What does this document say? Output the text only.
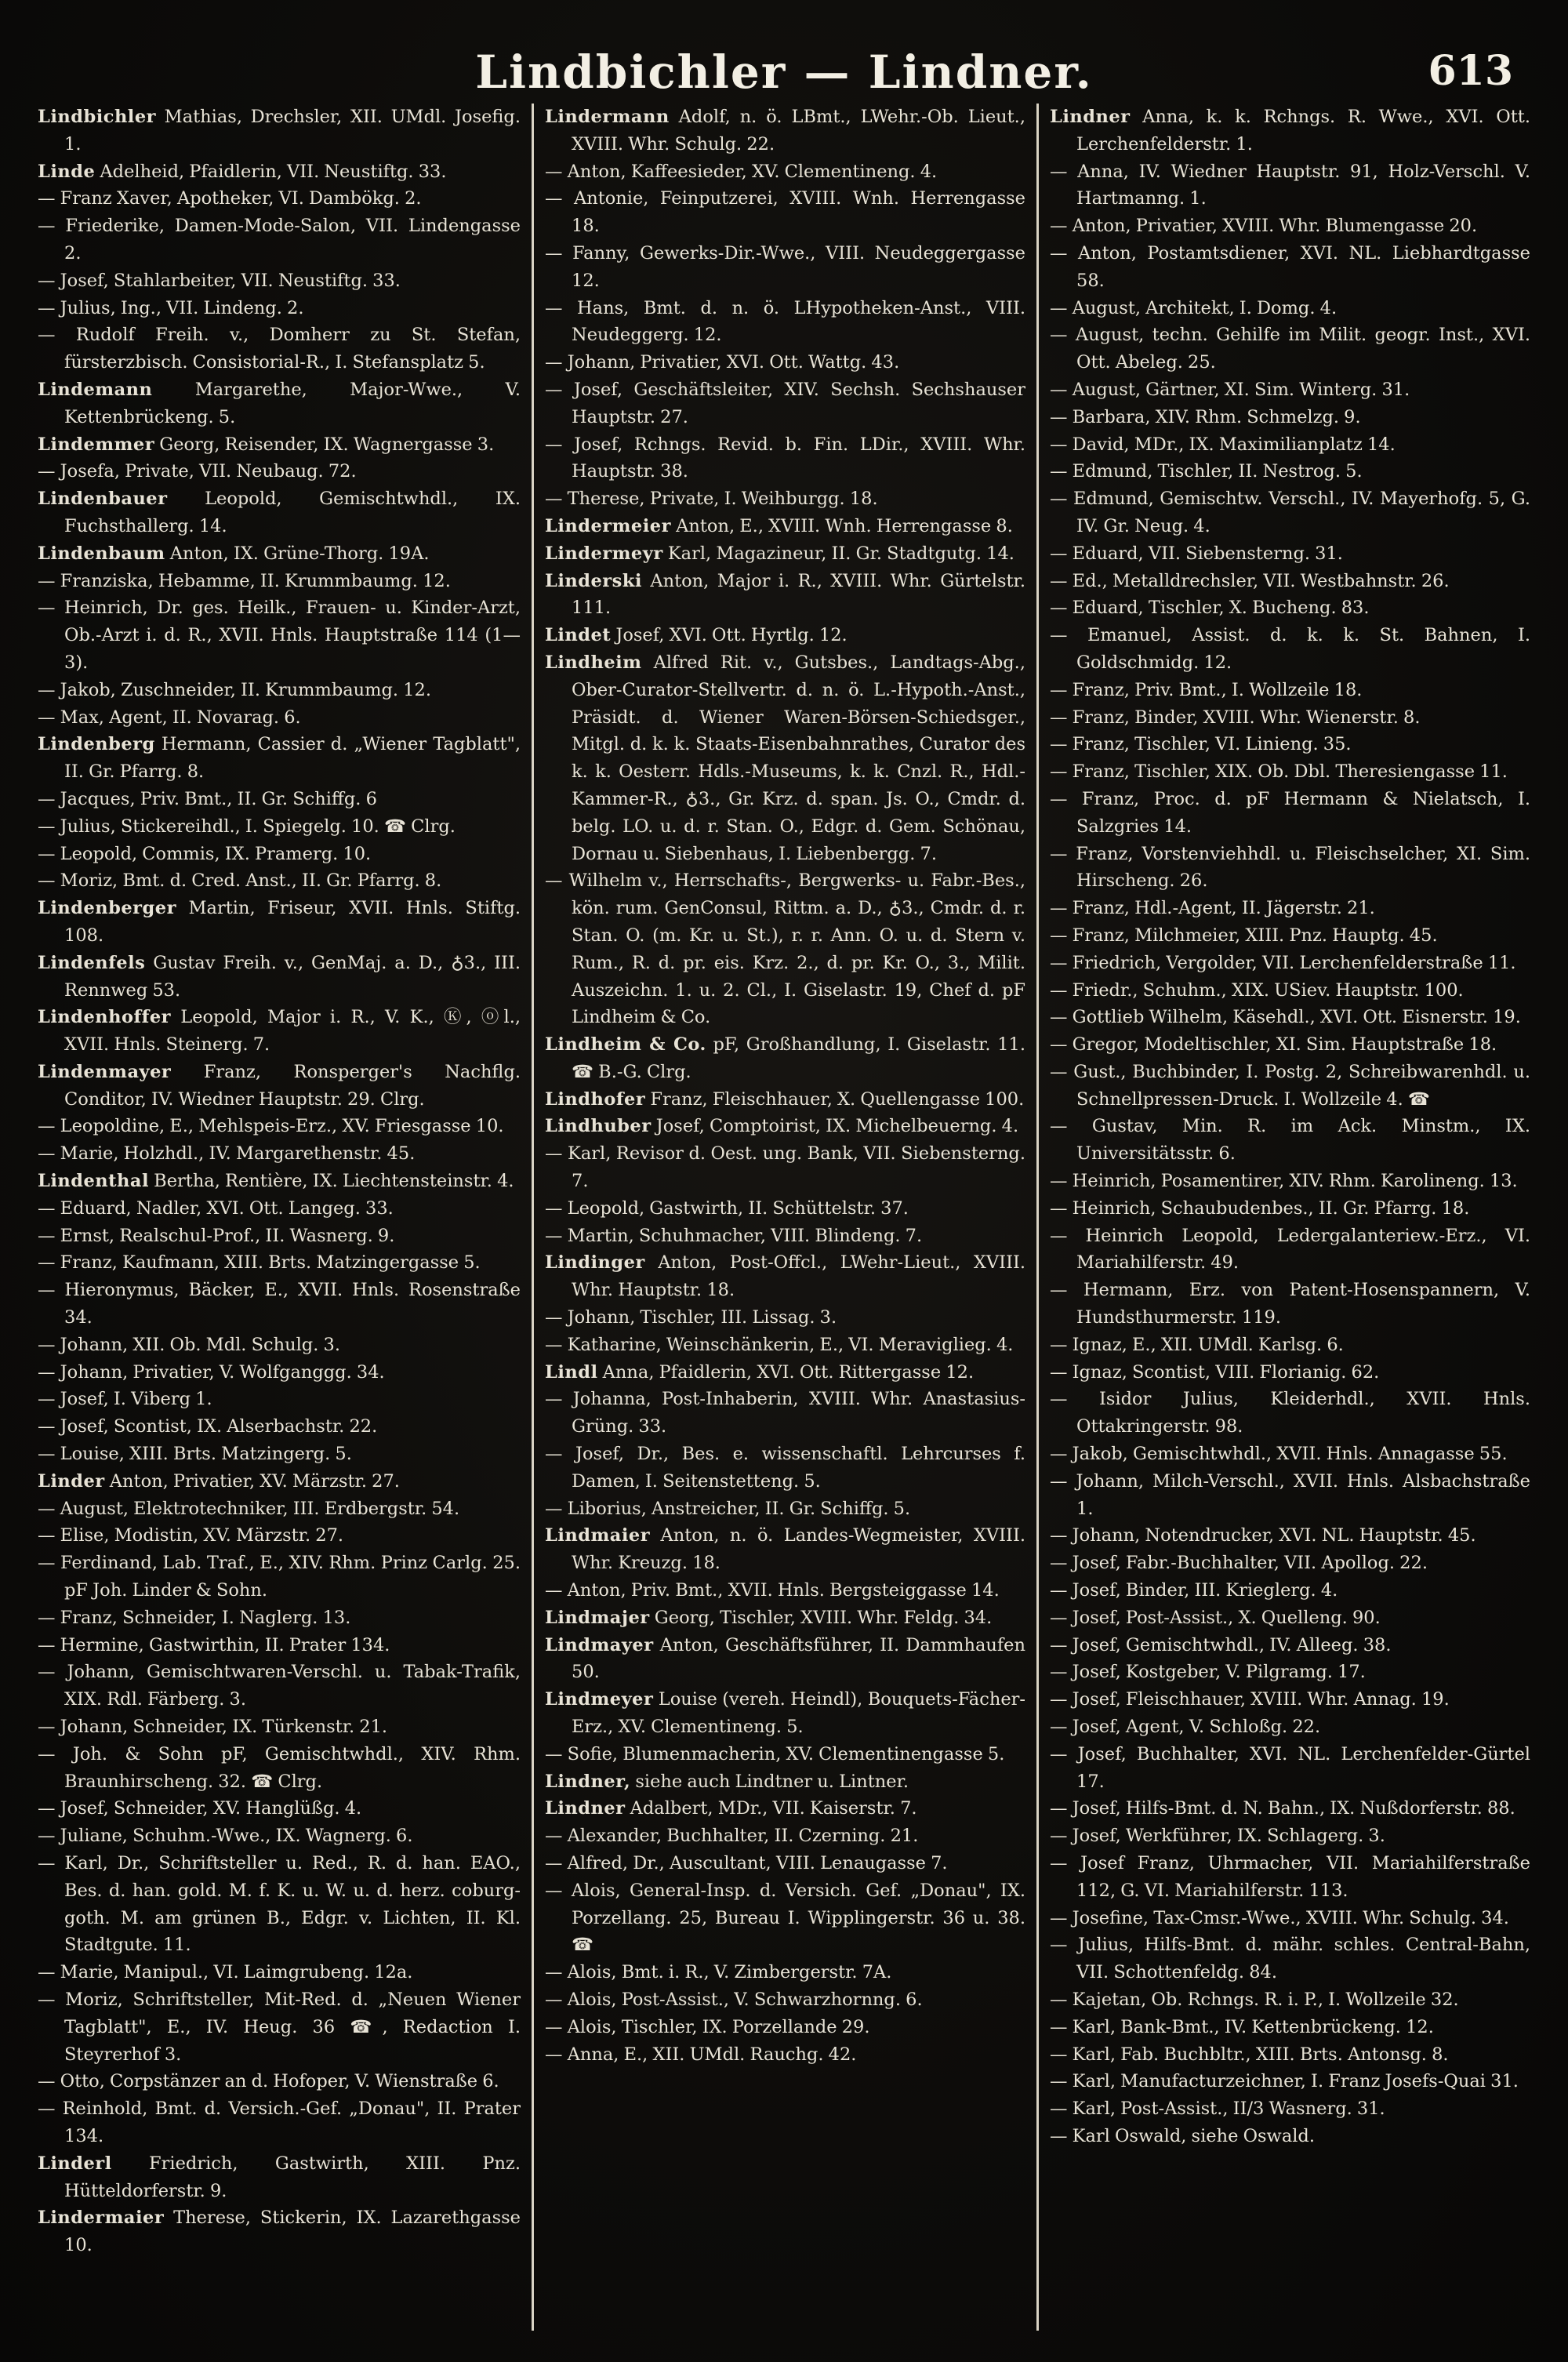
Lindbichler — Lindner.	613

Lindbichler Mathias, Drechsler, XII. UMdl. Josefig. 1.

Linde Adelheid, Pfaidlerin, VII. Neustiftg. 33.

— Franz Xaver, Apotheker, VI. Dambökg. 2.

— Friederike, Damen-Mode-Salon, VII. Lindengasse 2.

— Josef, Stahlarbeiter, VII. Neustiftg. 33.

— Julius, Ing., VII. Lindeng. 2.

— Rudolf Freih. v., Domherr zu St. Stefan, fürsterzbisch. Consistorial-R., I. Stefansplatz 5.

Lindemann Margarethe, Major-Wwe., V. Kettenbrückeng. 5.

Lindemmer Georg, Reisender, IX. Wagnergasse 3.

— Josefa, Private, VII. Neubaug. 72.

Lindenbauer Leopold, Gemischtwhdl., IX. Fuchsthallerg. 14.

Lindenbaum Anton, IX. Grüne-Thorg. 19A.

— Franziska, Hebamme, II. Krummbaumg. 12.

— Heinrich, Dr. ges. Heilk., Frauen- u. Kinder-Arzt, Ob.-Arzt i. d. R., XVII. Hnls. Hauptstraße 114 (1—3).

— Jakob, Zuschneider, II. Krummbaumg. 12.

— Max, Agent, II. Novarag. 6.

Lindenberg Hermann, Cassier d. „Wiener Tagblatt", II. Gr. Pfarrg. 8.

— Jacques, Priv. Bmt., II. Gr. Schiffg. 6

— Julius, Stickereihdl., I. Spiegelg. 10. ☎ Clrg.

— Leopold, Commis, IX. Pramerg. 10.

— Moriz, Bmt. d. Cred. Anst., II. Gr. Pfarrg. 8.

Lindenberger Martin, Friseur, XVII. Hnls. Stiftg. 108.

Lindenfels Gustav Freih. v., GenMaj. a. D., ♁3., III. Rennweg 53.

Lindenhoffer Leopold, Major i. R., V. K., Ⓚ, ⓞl., XVII. Hnls. Steinerg. 7.

Lindenmayer Franz, Ronsperger's Nachflg. Conditor, IV. Wiedner Hauptstr. 29. Clrg.

— Leopoldine, E., Mehlspeis-Erz., XV. Friesgasse 10.

— Marie, Holzhdl., IV. Margarethenstr. 45.

Lindenthal Bertha, Rentière, IX. Liechtensteinstr. 4.

— Eduard, Nadler, XVI. Ott. Langeg. 33.

— Ernst, Realschul-Prof., II. Wasnerg. 9.

— Franz, Kaufmann, XIII. Brts. Matzingergasse 5.

— Hieronymus, Bäcker, E., XVII. Hnls. Rosenstraße 34.

— Johann, XII. Ob. Mdl. Schulg. 3.

— Johann, Privatier, V. Wolfganggg. 34.

— Josef, I. Viberg 1.

— Josef, Scontist, IX. Alserbachstr. 22.

— Louise, XIII. Brts. Matzingerg. 5.

Linder Anton, Privatier, XV. Märzstr. 27.

— August, Elektrotechniker, III. Erdbergstr. 54.

— Elise, Modistin, XV. Märzstr. 27.

— Ferdinand, Lab. Traf., E., XIV. Rhm. Prinz Carlg. 25. pF Joh. Linder & Sohn.

— Franz, Schneider, I. Naglerg. 13.

— Hermine, Gastwirthin, II. Prater 134.

— Johann, Gemischtwaren-Verschl. u. Tabak-Trafik, XIX. Rdl. Färberg. 3.

— Johann, Schneider, IX. Türkenstr. 21.

— Joh. & Sohn pF, Gemischtwhdl., XIV. Rhm. Braunhirscheng. 32. ☎ Clrg.

— Josef, Schneider, XV. Hanglüßg. 4.

— Juliane, Schuhm.-Wwe., IX. Wagnerg. 6.

— Karl, Dr., Schriftsteller u. Red., R. d. han. EAO., Bes. d. han. gold. M. f. K. u. W. u. d. herz. coburg-goth. M. am grünen B., Edgr. v. Lichten, II. Kl. Stadtgute. 11.

— Marie, Manipul., VI. Laimgrubeng. 12a.

— Moriz, Schriftsteller, Mit-Red. d. „Neuen Wiener Tagblatt", E., IV. Heug. 36 ☎, Redaction I. Steyrerhof 3.

— Otto, Corpstänzer an d. Hofoper, V. Wienstraße 6.

— Reinhold, Bmt. d. Versich.-Gef. „Donau", II. Prater 134.

Linderl Friedrich, Gastwirth, XIII. Pnz. Hütteldorferstr. 9.

Lindermaier Therese, Stickerin, IX. Lazarethgasse 10.

Lindermann Adolf, n. ö. LBmt., LWehr.-Ob. Lieut., XVIII. Whr. Schulg. 22.

— Anton, Kaffeesieder, XV. Clementineng. 4.

— Antonie, Feinputzerei, XVIII. Wnh. Herrengasse 18.

— Fanny, Gewerks-Dir.-Wwe., VIII. Neudeggergasse 12.

— Hans, Bmt. d. n. ö. LHypotheken-Anst., VIII. Neudeggerg. 12.

— Johann, Privatier, XVI. Ott. Wattg. 43.

— Josef, Geschäftsleiter, XIV. Sechsh. Sechshauser Hauptstr. 27.

— Josef, Rchngs. Revid. b. Fin. LDir., XVIII. Whr. Hauptstr. 38.

— Therese, Private, I. Weihburgg. 18.

Lindermeier Anton, E., XVIII. Wnh. Herrengasse 8.

Lindermeyr Karl, Magazineur, II. Gr. Stadtgutg. 14.

Linderski Anton, Major i. R., XVIII. Whr. Gürtelstr. 111.

Lindet Josef, XVI. Ott. Hyrtlg. 12.

Lindheim Alfred Rit. v., Gutsbes., Landtags-Abg., Ober-Curator-Stellvertr. d. n. ö. L.-Hypoth.-Anst., Präsidt. d. Wiener Waren-Börsen-Schiedsger., Mitgl. d. k. k. Staats-Eisenbahnrathes, Curator des k. k. Oesterr. Hdls.-Museums, k. k. Cnzl. R., Hdl.-Kammer-R., ♁3., Gr. Krz. d. span. Js. O., Cmdr. d. belg. LO. u. d. r. Stan. O., Edgr. d. Gem. Schönau, Dornau u. Siebenhaus, I. Liebenbergg. 7.

— Wilhelm v., Herrschafts-, Bergwerks- u. Fabr.-Bes., kön. rum. GenConsul, Rittm. a. D., ♁3., Cmdr. d. r. Stan. O. (m. Kr. u. St.), r. r. Ann. O. u. d. Stern v. Rum., R. d. pr. eis. Krz. 2., d. pr. Kr. O., 3., Milit. Auszeichn. 1. u. 2. Cl., I. Giselastr. 19, Chef d. pF Lindheim & Co.

Lindheim & Co. pF, Großhandlung, I. Giselastr. 11. ☎ B.-G. Clrg.

Lindhofer Franz, Fleischhauer, X. Quellengasse 100.

Lindhuber Josef, Comptoirist, IX. Michelbeuerng. 4.

— Karl, Revisor d. Oest. ung. Bank, VII. Siebensterng. 7.

— Leopold, Gastwirth, II. Schüttelstr. 37.

— Martin, Schuhmacher, VIII. Blindeng. 7.

Lindinger Anton, Post-Offcl., LWehr-Lieut., XVIII. Whr. Hauptstr. 18.

— Johann, Tischler, III. Lissag. 3.

— Katharine, Weinschänkerin, E., VI. Meraviglieg. 4.

Lindl Anna, Pfaidlerin, XVI. Ott. Rittergasse 12.

— Johanna, Post-Inhaberin, XVIII. Whr. Anastasius-Grüng. 33.

— Josef, Dr., Bes. e. wissenschaftl. Lehrcurses f. Damen, I. Seitenstetteng. 5.

— Liborius, Anstreicher, II. Gr. Schiffg. 5.

Lindmaier Anton, n. ö. Landes-Wegmeister, XVIII. Whr. Kreuzg. 18.

— Anton, Priv. Bmt., XVII. Hnls. Bergsteiggasse 14.

Lindmajer Georg, Tischler, XVIII. Whr. Feldg. 34.

Lindmayer Anton, Geschäftsführer, II. Dammhaufen 50.

Lindmeyer Louise (vereh. Heindl), Bouquets-Fächer-Erz., XV. Clementineng. 5.

— Sofie, Blumenmacherin, XV. Clementinengasse 5.

Lindner, siehe auch Lindtner u. Lintner.

Lindner Adalbert, MDr., VII. Kaiserstr. 7.

— Alexander, Buchhalter, II. Czerning. 21.

— Alfred, Dr., Auscultant, VIII. Lenaugasse 7.

— Alois, General-Insp. d. Versich. Gef. „Donau", IX. Porzellang. 25, Bureau I. Wipplingerstr. 36 u. 38. ☎

— Alois, Bmt. i. R., V. Zimbergerstr. 7A.

— Alois, Post-Assist., V. Schwarzhornng. 6.

— Alois, Tischler, IX. Porzellande 29.

— Anna, E., XII. UMdl. Rauchg. 42.

Lindner Anna, k. k. Rchngs. R. Wwe., XVI. Ott. Lerchenfelderstr. 1.

— Anna, IV. Wiedner Hauptstr. 91, Holz-Verschl. V. Hartmanng. 1.

— Anton, Privatier, XVIII. Whr. Blumengasse 20.

— Anton, Postamtsdiener, XVI. NL. Liebhardtgasse 58.

— August, Architekt, I. Domg. 4.

— August, techn. Gehilfe im Milit. geogr. Inst., XVI. Ott. Abeleg. 25.

— August, Gärtner, XI. Sim. Winterg. 31.

— Barbara, XIV. Rhm. Schmelzg. 9.

— David, MDr., IX. Maximilianplatz 14.

— Edmund, Tischler, II. Nestrog. 5.

— Edmund, Gemischtw. Verschl., IV. Mayerhofg. 5, G. IV. Gr. Neug. 4.

— Eduard, VII. Siebensterng. 31.

— Ed., Metalldrechsler, VII. Westbahnstr. 26.

— Eduard, Tischler, X. Bucheng. 83.

— Emanuel, Assist. d. k. k. St. Bahnen, I. Goldschmidg. 12.

— Franz, Priv. Bmt., I. Wollzeile 18.

— Franz, Binder, XVIII. Whr. Wienerstr. 8.

— Franz, Tischler, VI. Linieng. 35.

— Franz, Tischler, XIX. Ob. Dbl. Theresiengasse 11.

— Franz, Proc. d. pF Hermann & Nielatsch, I. Salzgries 14.

— Franz, Vorstenviehhdl. u. Fleischselcher, XI. Sim. Hirscheng. 26.

— Franz, Hdl.-Agent, II. Jägerstr. 21.

— Franz, Milchmeier, XIII. Pnz. Hauptg. 45.

— Friedrich, Vergolder, VII. Lerchenfelderstraße 11.

— Friedr., Schuhm., XIX. USiev. Hauptstr. 100.

— Gottlieb Wilhelm, Käsehdl., XVI. Ott. Eisnerstr. 19.

— Gregor, Modeltischler, XI. Sim. Hauptstraße 18.

— Gust., Buchbinder, I. Postg. 2, Schreibwarenhdl. u. Schnellpressen-Druck. I. Wollzeile 4. ☎

— Gustav, Min. R. im Ack. Minstm., IX. Universitätsstr. 6.

— Heinrich, Posamentirer, XIV. Rhm. Karolineng. 13.

— Heinrich, Schaubudenbes., II. Gr. Pfarrg. 18.

— Heinrich Leopold, Ledergalanteriew.-Erz., VI. Mariahilferstr. 49.

— Hermann, Erz. von Patent-Hosenspannern, V. Hundsthurmerstr. 119.

— Ignaz, E., XII. UMdl. Karlsg. 6.

— Ignaz, Scontist, VIII. Florianig. 62.

— Isidor Julius, Kleiderhdl., XVII. Hnls. Ottakringerstr. 98.

— Jakob, Gemischtwhdl., XVII. Hnls. Annagasse 55.

— Johann, Milch-Verschl., XVII. Hnls. Alsbachstraße 1.

— Johann, Notendrucker, XVI. NL. Hauptstr. 45.

— Josef, Fabr.-Buchhalter, VII. Apollog. 22.

— Josef, Binder, III. Krieglerg. 4.

— Josef, Post-Assist., X. Quelleng. 90.

— Josef, Gemischtwhdl., IV. Alleeg. 38.

— Josef, Kostgeber, V. Pilgramg. 17.

— Josef, Fleischhauer, XVIII. Whr. Annag. 19.

— Josef, Agent, V. Schloßg. 22.

— Josef, Buchhalter, XVI. NL. Lerchenfelder-Gürtel 17.

— Josef, Hilfs-Bmt. d. N. Bahn., IX. Nußdorferstr. 88.

— Josef, Werkführer, IX. Schlagerg. 3.

— Josef Franz, Uhrmacher, VII. Mariahilferstraße 112, G. VI. Mariahilferstr. 113.

— Josefine, Tax-Cmsr.-Wwe., XVIII. Whr. Schulg. 34.

— Julius, Hilfs-Bmt. d. mähr. schles. Central-Bahn, VII. Schottenfeldg. 84.

— Kajetan, Ob. Rchngs. R. i. P., I. Wollzeile 32.

— Karl, Bank-Bmt., IV. Kettenbrückeng. 12.

— Karl, Fab. Buchbltr., XIII. Brts. Antonsg. 8.

— Karl, Manufacturzeichner, I. Franz Josefs-Quai 31.

— Karl, Post-Assist., II/3 Wasnerg. 31.

— Karl Oswald, siehe Oswald.
